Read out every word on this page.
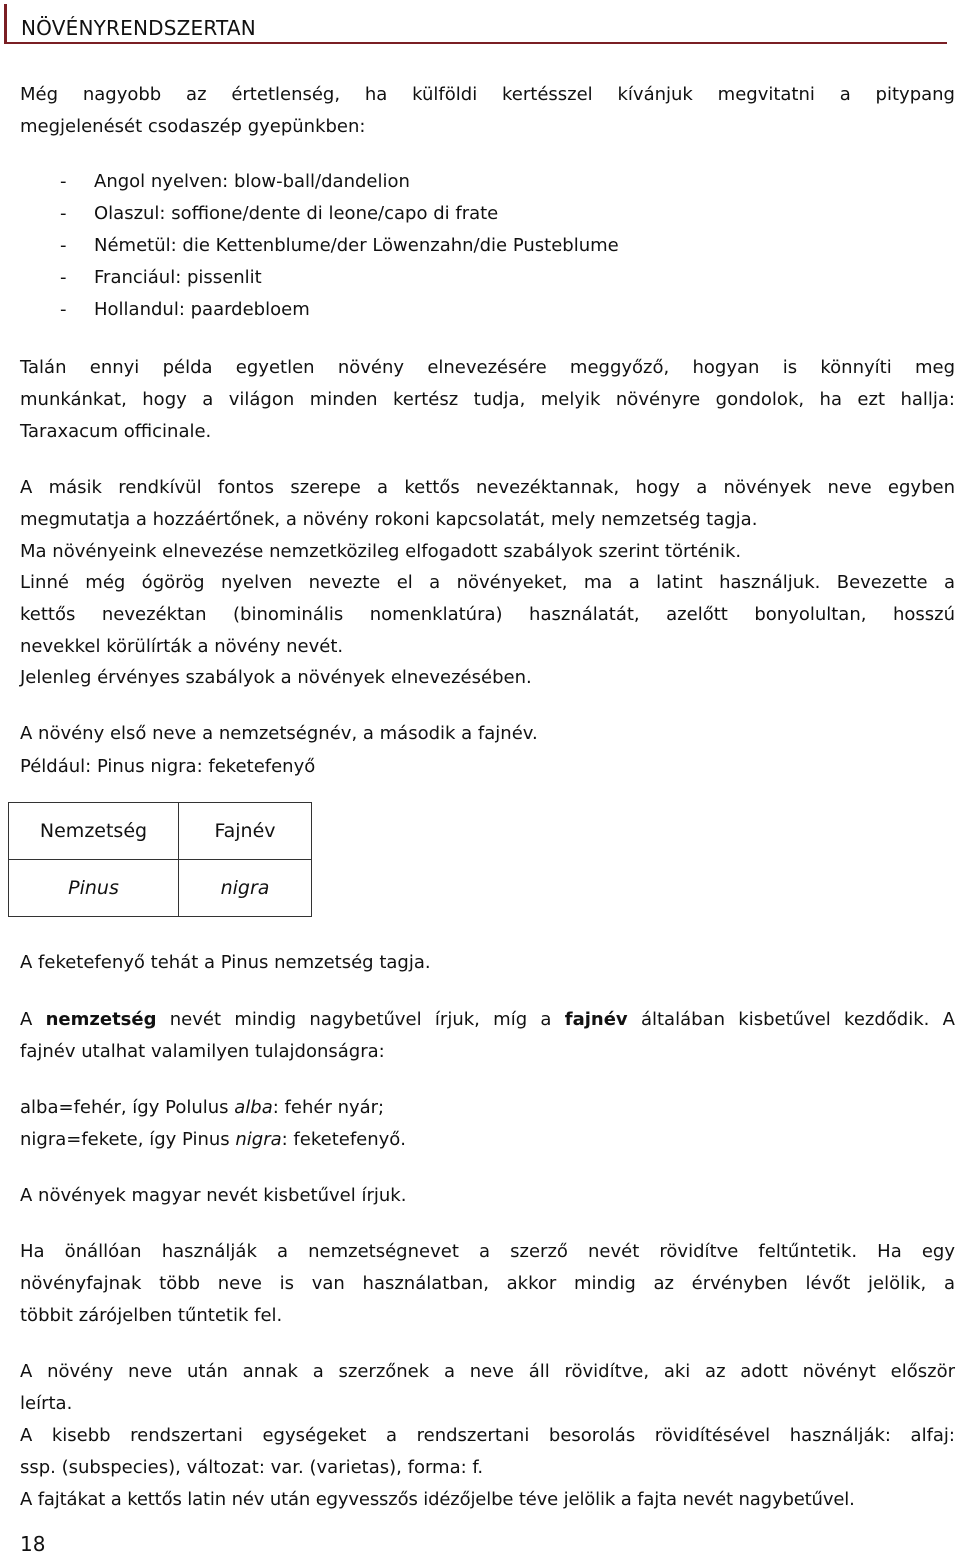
NÖVÉNYRENDSZERTAN

Még nagyobb az értetlenség, ha külföldi kertésszel kívánjuk megvitatni a pitypang

megjelenését csodaszép gyepünkben:

- Angol nyelven: blow-ball/dandelion
- Olaszul: soffione/dente di leone/capo di frate
- Németül: die Kettenblume/der Löwenzahn/die Pusteblume
- Franciául: pissenlit
- Hollandul: paardebloem

Talán ennyi példa egyetlen növény elnevezésére meggyőző, hogyan is könnyíti meg

munkánkat, hogy a világon minden kertész tudja, melyik növényre gondolok, ha ezt hallja:

Taraxacum officinale.

A másik rendkívül fontos szerepe a kettős nevezéktannak, hogy a növények neve egyben

megmutatja a hozzáértőnek, a növény rokoni kapcsolatát, mely nemzetség tagja.

Ma növényeink elnevezése nemzetközileg elfogadott szabályok szerint történik.

Linné még ógörög nyelven nevezte el a növényeket, ma a latint használjuk. Bevezette a

kettős nevezéktan (binominális nomenklatúra) használatát, azelőtt bonyolultan, hosszú

nevekkel körülírták a növény nevét.

Jelenleg érvényes szabályok a növények elnevezésében.

A növény első neve a nemzetségnév, a második a fajnév.

Például: Pinus nigra: feketefenyő

Nemzetség	Fajnév
Pinus	nigra

A feketefenyő tehát a Pinus nemzetség tagja.

A nemzetség nevét mindig nagybetűvel írjuk, míg a fajnév általában kisbetűvel kezdődik. A

fajnév utalhat valamilyen tulajdonságra:

alba=fehér, így Polulus alba: fehér nyár;

nigra=fekete, így Pinus nigra: feketefenyő.

A növények magyar nevét kisbetűvel írjuk.

Ha önállóan használják a nemzetségnevet a szerző nevét rövidítve feltűntetik. Ha egy

növényfajnak több neve is van használatban, akkor mindig az érvényben lévőt jelölik, a

többit zárójelben tűntetik fel.

A növény neve után annak a szerzőnek a neve áll rövidítve, aki az adott növényt először

leírta.

A kisebb rendszertani egységeket a rendszertani besorolás rövidítésével használják: alfaj:

ssp. (subspecies), változat: var. (varietas), forma: f.

A fajtákat a kettős latin név után egyvesszős idézőjelbe téve jelölik a fajta nevét nagybetűvel.

18
